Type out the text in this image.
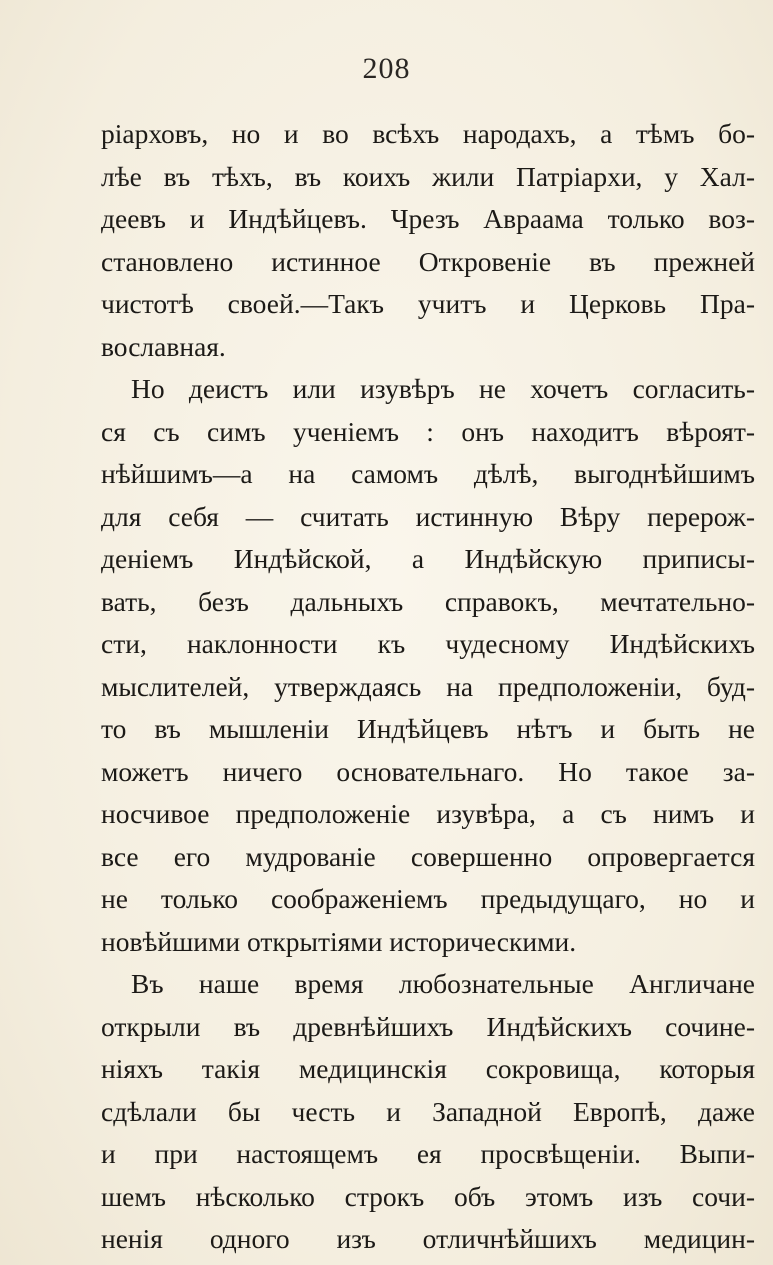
208
ріарховъ, но и во всѣхъ народахъ, а тѣмъ бо-
лѣе въ тѣхъ, въ коихъ жили Патріархи, у Хал-
деевъ и Индѣйцевъ. Чрезъ Авраама только воз-
становлено истинное Откровеніе въ прежней
чистотѣ своей.—Такъ учитъ и Церковь Пра-
вославная.
Но деистъ или изувѣръ не хочетъ согласить-
ся съ симъ ученіемъ : онъ находитъ вѣроят-
нѣйшимъ—а на самомъ дѣлѣ, выгоднѣйшимъ
для себя — считать истинную Вѣру перерож-
деніемъ Индѣйской, а Индѣйскую приписы-
вать, безъ дальныхъ справокъ, мечтательно-
сти, наклонности къ чудесному Индѣйскихъ
мыслителей, утверждаясь на предположеніи, буд-
то въ мышленіи Индѣйцевъ нѣтъ и быть не
можетъ ничего основательнаго. Но такое за-
носчивое предположеніе изувѣра, а съ нимъ и
все его мудрованіе совершенно опровергается
не только соображеніемъ предыдущаго, но и
новѣйшими открытіями историческими.
Въ наше время любознательные Англичане
открыли въ древнѣйшихъ Индѣйскихъ сочине-
ніяхъ такія медицинскія сокровища, которыя
сдѣлали бы честь и Западной Европѣ, даже
и при настоящемъ ея просвѣщеніи. Выпи-
шемъ нѣсколько строкъ объ этомъ изъ сочи-
ненія одного изъ отличнѣйшихъ медицин-
